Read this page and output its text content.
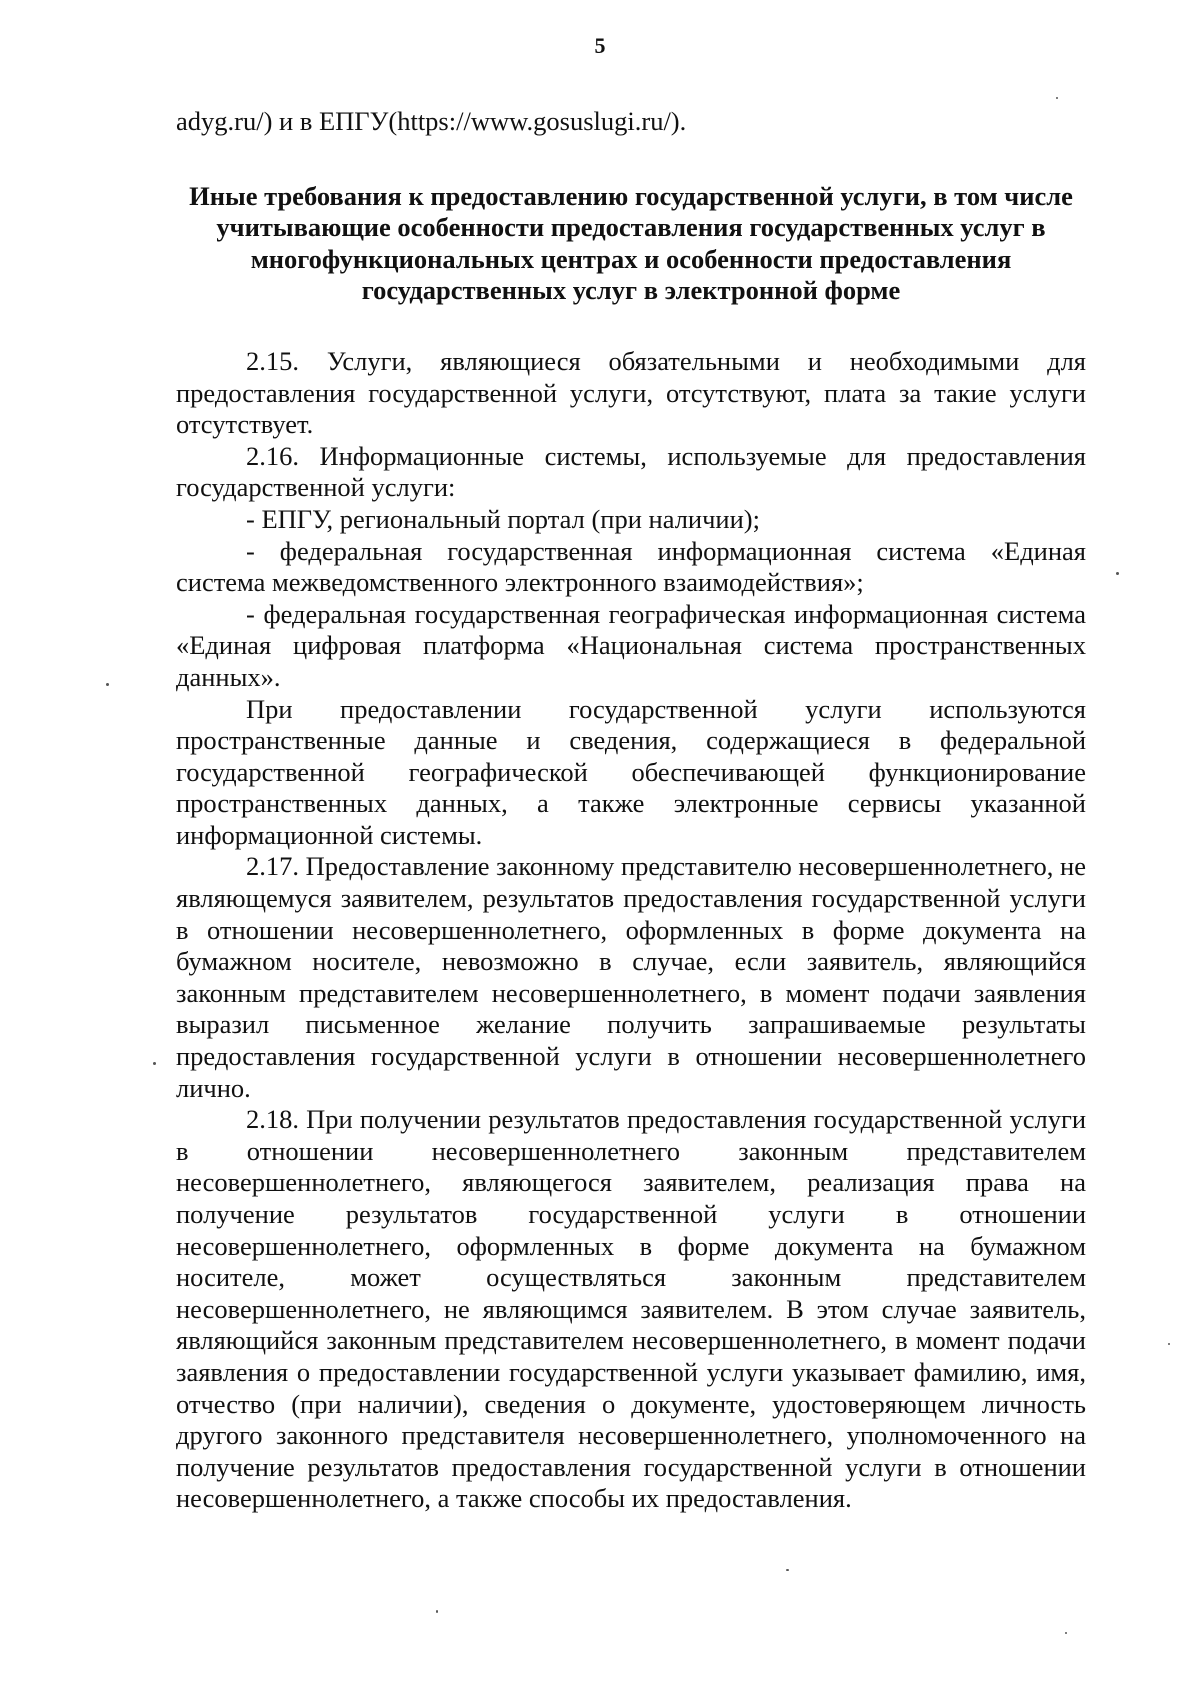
5

adyg.ru/) и в ЕПГУ(https://www.gosuslugi.ru/).

Иные требования к предоставлению государственной услуги, в том числе учитывающие особенности предоставления государственных услуг в многофункциональных центрах и особенности предоставления государственных услуг в электронной форме

2.15. Услуги, являющиеся обязательными и необходимыми для предоставления государственной услуги, отсутствуют, плата за такие услуги отсутствует.

2.16. Информационные системы, используемые для предоставления государственной услуги:

- ЕПГУ, региональный портал (при наличии);

- федеральная государственная информационная система «Единая система межведомственного электронного взаимодействия»;

- федеральная государственная географическая информационная система «Единая цифровая платформа «Национальная система пространственных данных».

При предоставлении государственной услуги используются пространственные данные и сведения, содержащиеся в федеральной государственной географической обеспечивающей функционирование пространственных данных, а также электронные сервисы указанной информационной системы.

2.17. Предоставление законному представителю несовершеннолетнего, не являющемуся заявителем, результатов предоставления государственной услуги в отношении несовершеннолетнего, оформленных в форме документа на бумажном носителе, невозможно в случае, если заявитель, являющийся законным представителем несовершеннолетнего, в момент подачи заявления выразил письменное желание получить запрашиваемые результаты предоставления государственной услуги в отношении несовершеннолетнего лично.

2.18. При получении результатов предоставления государственной услуги в отношении несовершеннолетнего законным представителем несовершеннолетнего, являющегося заявителем, реализация права на получение результатов государственной услуги в отношении несовершеннолетнего, оформленных в форме документа на бумажном носителе, может осуществляться законным представителем несовершеннолетнего, не являющимся заявителем. В этом случае заявитель, являющийся законным представителем несовершеннолетнего, в момент подачи заявления о предоставлении государственной услуги указывает фамилию, имя, отчество (при наличии), сведения о документе, удостоверяющем личность другого законного представителя несовершеннолетнего, уполномоченного на получение результатов предоставления государственной услуги в отношении несовершеннолетнего, а также способы их предоставления.
